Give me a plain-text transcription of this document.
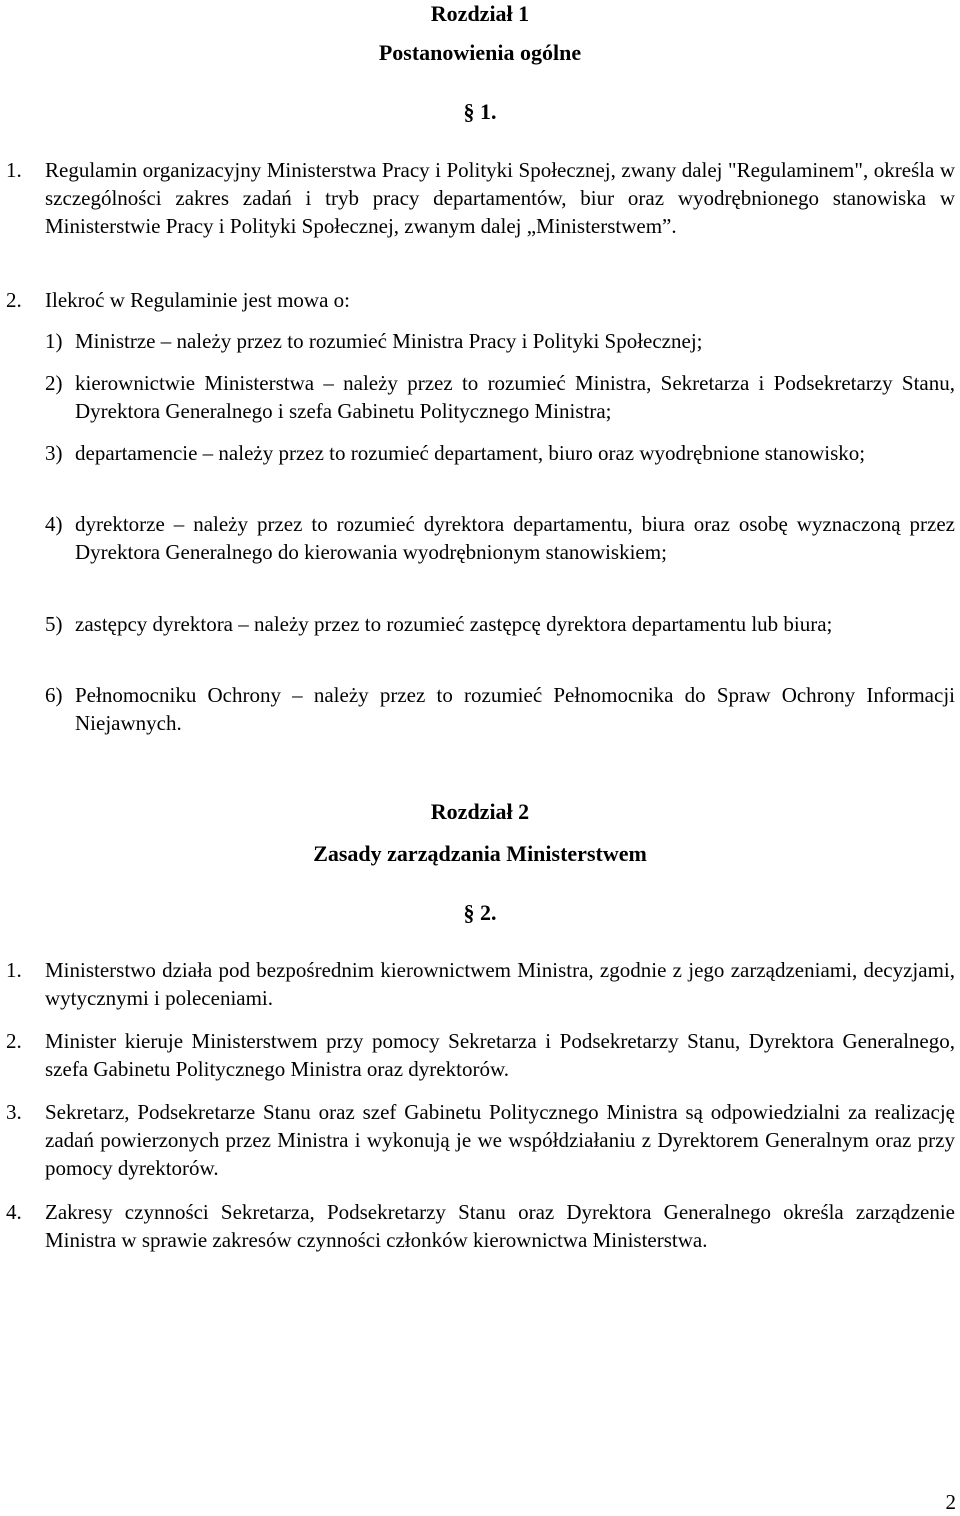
Rozdział 1
Postanowienia ogólne
§ 1.
1. Regulamin organizacyjny Ministerstwa Pracy i Polityki Społecznej, zwany dalej "Regulaminem", określa w szczególności zakres zadań i tryb pracy departamentów, biur oraz wyodrębnionego stanowiska w Ministerstwie Pracy i Polityki Społecznej, zwanym dalej „Ministerstwem”.
2. Ilekroć w Regulaminie jest mowa o:
1) Ministrze – należy przez to rozumieć Ministra Pracy i Polityki Społecznej;
2) kierownictwie Ministerstwa – należy przez to rozumieć Ministra, Sekretarza i Podsekretarzy Stanu, Dyrektora Generalnego i szefa Gabinetu Politycznego Ministra;
3) departamencie – należy przez to rozumieć departament, biuro oraz wyodrębnione stanowisko;
4) dyrektorze – należy przez to rozumieć dyrektora departamentu, biura oraz osobę wyznaczoną przez Dyrektora Generalnego do kierowania wyodrębnionym stanowiskiem;
5) zastępcy dyrektora – należy przez to rozumieć zastępcę dyrektora departamentu lub biura;
6) Pełnomocniku Ochrony – należy przez to rozumieć Pełnomocnika do Spraw Ochrony Informacji Niejawnych.
Rozdział 2
Zasady zarządzania Ministerstwem
§ 2.
1. Ministerstwo działa pod bezpośrednim kierownictwem Ministra, zgodnie z jego zarządzeniami, decyzjami, wytycznymi i poleceniami.
2. Minister kieruje Ministerstwem przy pomocy Sekretarza i Podsekretarzy Stanu, Dyrektora Generalnego, szefa Gabinetu Politycznego Ministra oraz dyrektorów.
3. Sekretarz, Podsekretarze Stanu oraz szef Gabinetu Politycznego Ministra są odpowiedzialni za realizację zadań powierzonych przez Ministra i wykonują je we współdziałaniu z Dyrektorem Generalnym oraz przy pomocy dyrektorów.
4. Zakresy czynności Sekretarza, Podsekretarzy Stanu oraz Dyrektora Generalnego określa zarządzenie Ministra w sprawie zakresów czynności członków kierownictwa Ministerstwa.
2
